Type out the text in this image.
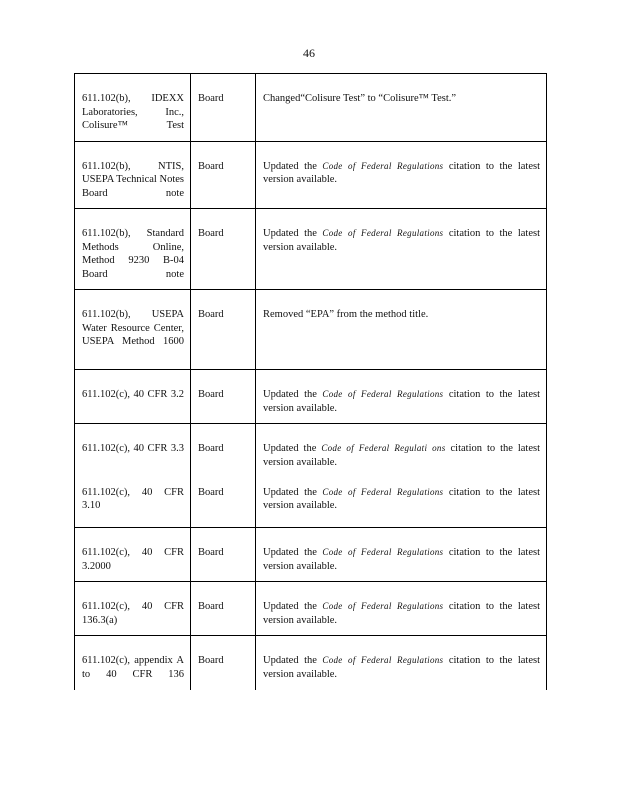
46
611.102(b), IDEXX Laboratories, Inc., Colisure™ Test	Board	Changed“Colisure Test” to “Colisure™ Test.”
611.102(b), NTIS, USEPA Technical Notes Board note	Board	Updated the Code of Federal Regulations citation to the latest version available.
611.102(b), Standard Methods Online, Method 9230 B-04 Board note	Board	Updated the Code of Federal Regulations citation to the latest version available.
611.102(b), USEPA Water Resource Center, USEPA Method 1600	Board	Removed “EPA” from the method title.
611.102(c), 40 CFR 3.2	Board	Updated the Code of Federal Regulations citation to the latest version available.
611.102(c), 40 CFR 3.3	Board	Updated the Code of Federal Regulati ons citation to the latest version available.
611.102(c), 40 CFR 3.10	Board	Updated the Code of Federal Regulations citation to the latest version available.
611.102(c), 40 CFR 3.2000	Board	Updated the Code of Federal Regulations citation to the latest version available.
611.102(c), 40 CFR 136.3(a)	Board	Updated the Code of Federal Regulations citation to the latest version available.
611.102(c), appendix A to 40 CFR 136	Board	Updated the Code of Federal Regulations citation to the latest version available.
